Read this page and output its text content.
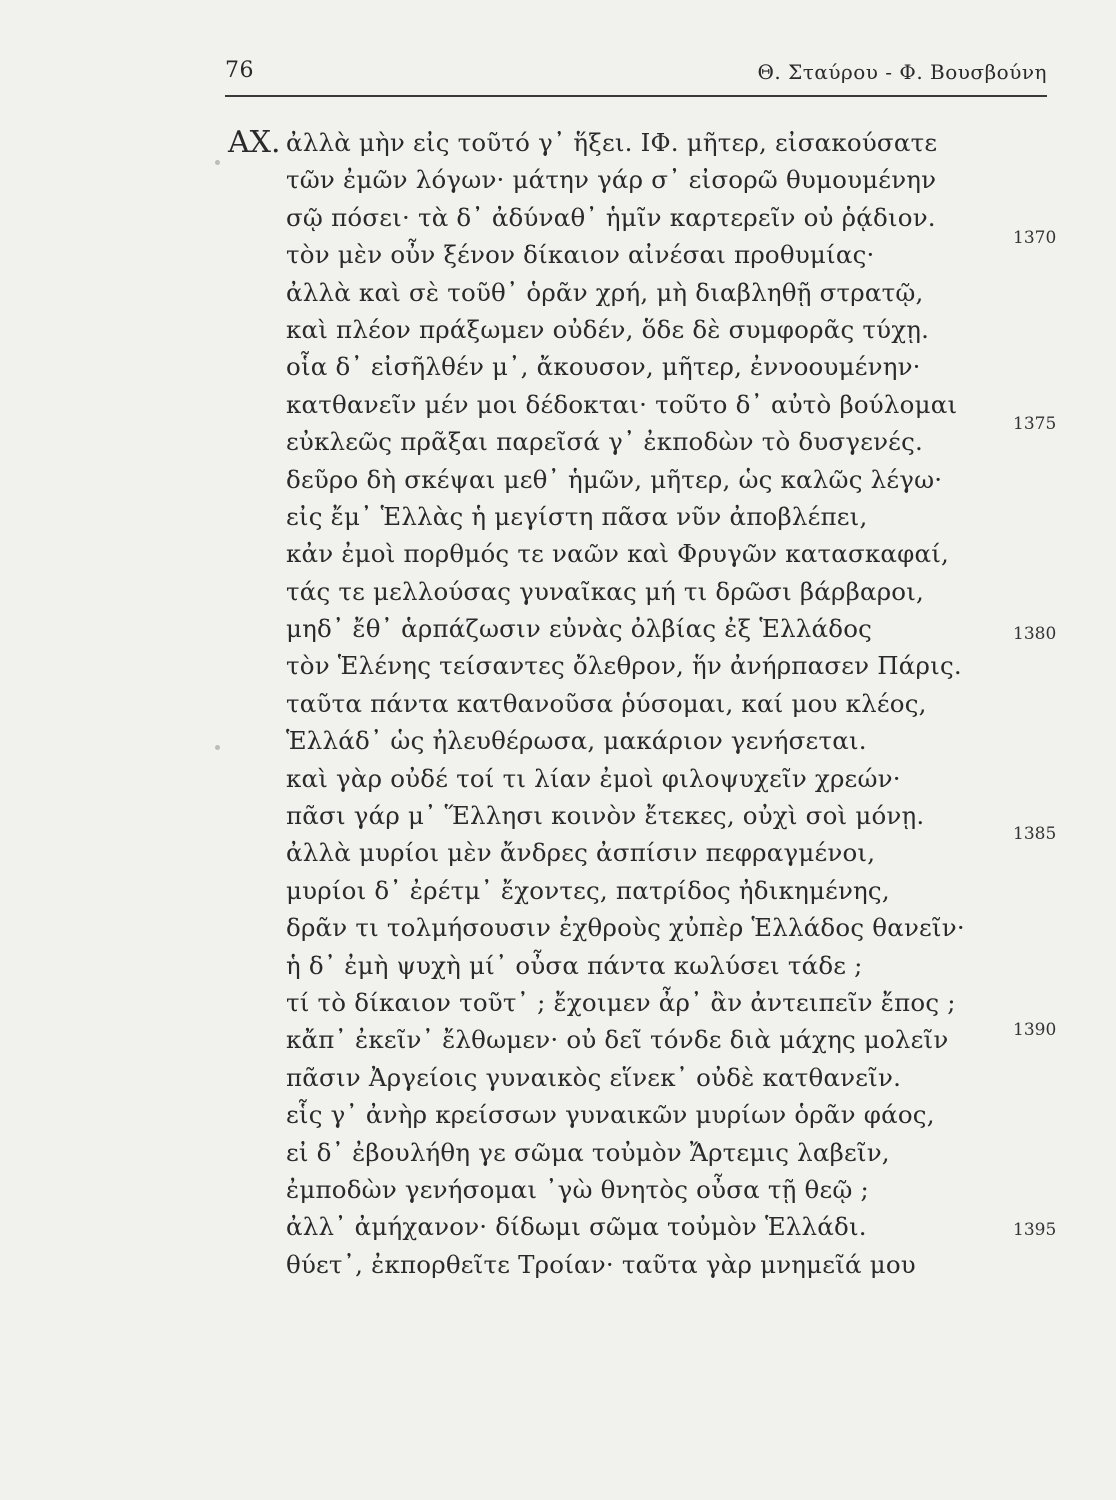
76	Θ. Σταύρου - Φ. Βουσβούνη
ΑΧ. ἀλλὰ μὴν εἰς τοῦτό γ᾽ ἥξει. ΙΦ. μῆτερ, εἰσακούσατε
τῶν ἐμῶν λόγων· μάτην γάρ σ᾽ εἰσορῶ θυμουμένην
σῷ πόσει· τὰ δ᾽ ἀδύναθ᾽ ἡμῖν καρτερεῖν οὐ ῥᾴδιον.
τὸν μὲν οὖν ξένον δίκαιον αἰνέσαι προθυμίας·
ἀλλὰ καὶ σὲ τοῦθ᾽ ὁρᾶν χρή, μὴ διαβληθῇ στρατῷ,
καὶ πλέον πράξωμεν οὐδέν, ὅδε δὲ συμφορᾶς τύχῃ.
οἷα δ᾽ εἰσῆλθέν μ᾽, ἄκουσον, μῆτερ, ἐννοουμένην·
κατθανεῖν μέν μοι δέδοκται· τοῦτο δ᾽ αὐτὸ βούλομαι
εὐκλεῶς πρᾶξαι παρεῖσά γ᾽ ἐκποδὼν τὸ δυσγενές.
δεῦρο δὴ σκέψαι μεθ᾽ ἡμῶν, μῆτερ, ὡς καλῶς λέγω·
εἰς ἔμ᾽ Ἑλλὰς ἡ μεγίστη πᾶσα νῦν ἀποβλέπει,
κἀν ἐμοὶ πορθμός τε ναῶν καὶ Φρυγῶν κατασκαφαί,
τάς τε μελλούσας γυναῖκας μή τι δρῶσι βάρβαροι,
μηδ᾽ ἔθ᾽ ἁρπάζωσιν εὐνὰς ὀλβίας ἐξ Ἑλλάδος
τὸν Ἑλένης τείσαντες ὄλεθρον, ἥν ἀνήρπασεν Πάρις.
ταῦτα πάντα κατθανοῦσα ῥύσομαι, καί μου κλέος,
Ἑλλάδ᾽ ὡς ἠλευθέρωσα, μακάριον γενήσεται.
καὶ γὰρ οὐδέ τοί τι λίαν ἐμοὶ φιλοψυχεῖν χρεών·
πᾶσι γάρ μ᾽ Ἕλλησι κοινὸν ἔτεκες, οὐχὶ σοὶ μόνῃ.
ἀλλὰ μυρίοι μὲν ἄνδρες ἀσπίσιν πεφραγμένοι,
μυρίοι δ᾽ ἐρέτμ᾽ ἔχοντες, πατρίδος ἠδικημένης,
δρᾶν τι τολμήσουσιν ἐχθροὺς χὐπὲρ Ἑλλάδος θανεῖν·
ἡ δ᾽ ἐμὴ ψυχὴ μί᾽ οὖσα πάντα κωλύσει τάδε ;
τί τὸ δίκαιον τοῦτ᾽ ; ἔχοιμεν ἆρ᾽ ἂν ἀντειπεῖν ἔπος ;
κἄπ᾽ ἐκεῖν᾽ ἔλθωμεν· οὐ δεῖ τόνδε διὰ μάχης μολεῖν
πᾶσιν Ἀργείοις γυναικὸς εἵνεκ᾽ οὐδὲ κατθανεῖν.
εἷς γ᾽ ἀνὴρ κρείσσων γυναικῶν μυρίων ὁρᾶν φάος,
εἰ δ᾽ ἐβουλήθη γε σῶμα τοὐμὸν Ἄρτεμις λαβεῖν,
ἐμποδὼν γενήσομαι ᾿γὼ θνητὸς οὖσα τῇ θεῷ ;
ἀλλ᾽ ἀμήχανον· δίδωμι σῶμα τοὐμὸν Ἑλλάδι.
θύετ᾽, ἐκπορθεῖτε Τροίαν· ταῦτα γὰρ μνημεῖά μου
1370
1375
1380
1385
1390
1395
